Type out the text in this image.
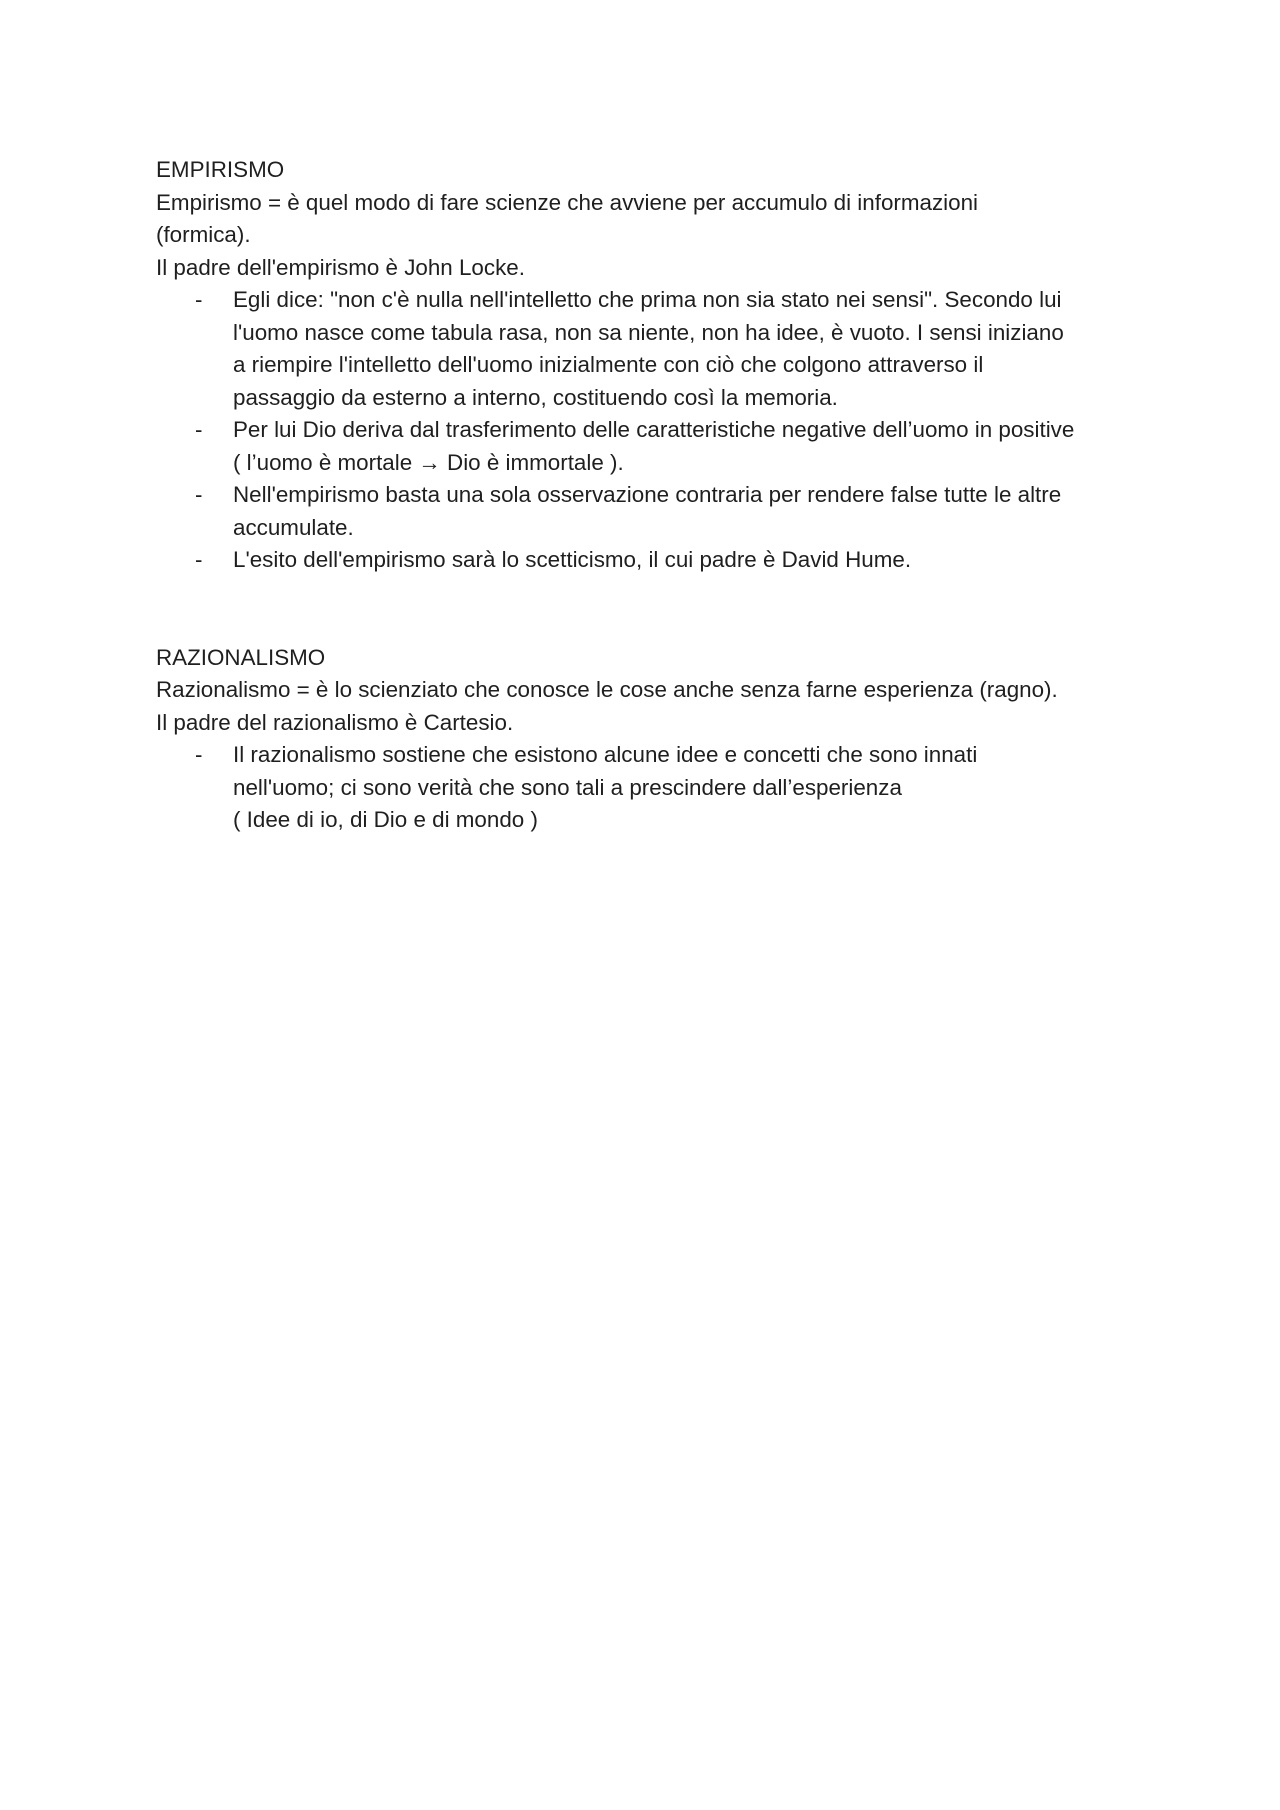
EMPIRISMO

Empirismo = è quel modo di fare scienze che avviene per accumulo di informazioni

(formica).

Il padre dell'empirismo è John Locke.

- Egli dice: "non c'è nulla nell'intelletto che prima non sia stato nei sensi". Secondo lui
l'uomo nasce come tabula rasa, non sa niente, non ha idee, è vuoto. I sensi iniziano
a riempire l'intelletto dell'uomo inizialmente con ciò che colgono attraverso il
passaggio da esterno a interno, costituendo così la memoria.
- Per lui Dio deriva dal trasferimento delle caratteristiche negative dell’uomo in positive
( l’uomo è mortale → Dio è immortale ).
- Nell'empirismo basta una sola osservazione contraria per rendere false tutte le altre
accumulate.
- L'esito dell'empirismo sarà lo scetticismo, il cui padre è David Hume.

RAZIONALISMO

Razionalismo = è lo scienziato che conosce le cose anche senza farne esperienza (ragno).

Il padre del razionalismo è Cartesio.

- Il razionalismo sostiene che esistono alcune idee e concetti che sono innati
nell'uomo; ci sono verità che sono tali a prescindere dall’esperienza
( Idee di io, di Dio e di mondo )
